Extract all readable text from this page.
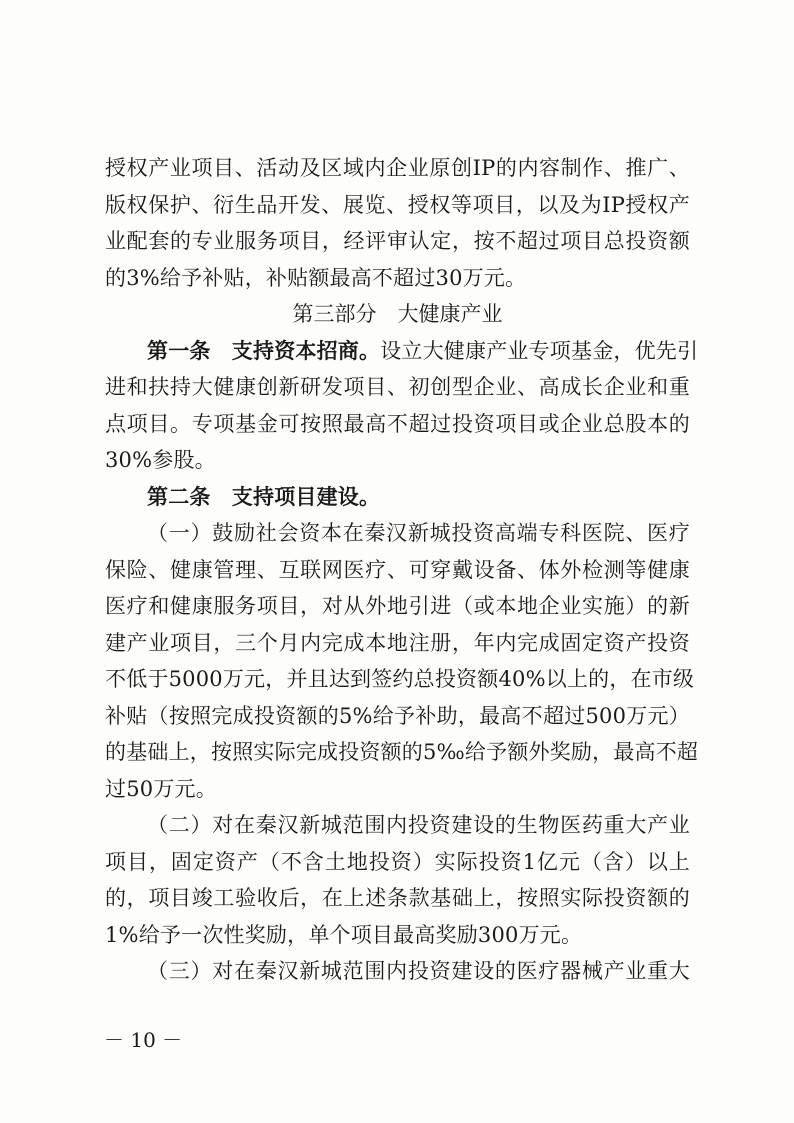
授权产业项目、活动及区域内企业原创IP的内容制作、推广、
版权保护、衍生品开发、展览、授权等项目，以及为IP授权产
业配套的专业服务项目，经评审认定，按不超过项目总投资额
的3%给予补贴，补贴额最高不超过30万元。
第三部分　大健康产业
第一条　支持资本招商。设立大健康产业专项基金，优先引
进和扶持大健康创新研发项目、初创型企业、高成长企业和重
点项目。专项基金可按照最高不超过投资项目或企业总股本的
30%参股。
第二条　支持项目建设。
（一）鼓励社会资本在秦汉新城投资高端专科医院、医疗
保险、健康管理、互联网医疗、可穿戴设备、体外检测等健康
医疗和健康服务项目，对从外地引进（或本地企业实施）的新
建产业项目，三个月内完成本地注册，年内完成固定资产投资
不低于5000万元，并且达到签约总投资额40%以上的，在市级
补贴（按照完成投资额的5%给予补助，最高不超过500万元）
的基础上，按照实际完成投资额的5‰给予额外奖励，最高不超
过50万元。
（二）对在秦汉新城范围内投资建设的生物医药重大产业
项目，固定资产（不含土地投资）实际投资1亿元（含）以上
的，项目竣工验收后，在上述条款基础上，按照实际投资额的
1%给予一次性奖励，单个项目最高奖励300万元。
（三）对在秦汉新城范围内投资建设的医疗器械产业重大
－ 10 －
